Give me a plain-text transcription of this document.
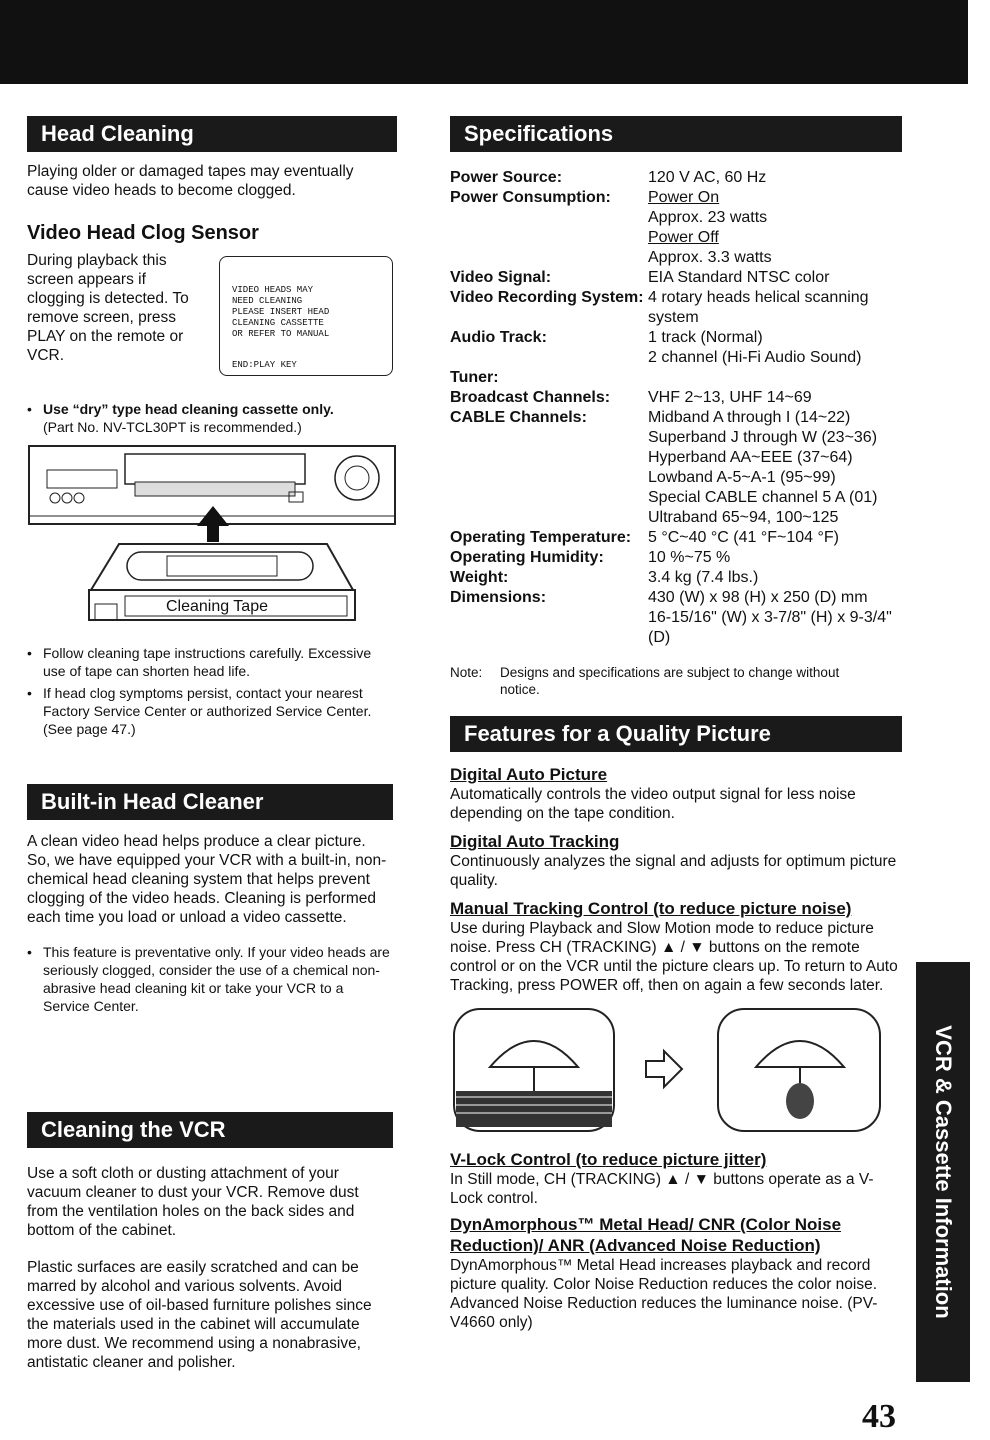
Head Cleaning

Playing older or damaged tapes may eventually cause video heads to become clogged.

Video Head Clog Sensor

During playback this screen appears if clogging is detected. To remove screen, press PLAY on the remote or VCR.

VIDEO HEADS MAY
NEED CLEANING
PLEASE INSERT HEAD
CLEANING CASSETTE
OR REFER TO MANUAL
END:PLAY KEY
• Use “dry” type head cleaning cassette only.
(Part No. NV-TCL30PT is recommended.)
Cleaning Tape
• Follow cleaning tape instructions carefully. Excessive use of tape can shorten head life.
• If head clog symptoms persist, contact your nearest Factory Service Center or authorized Service Center. (See page 47.)
Built-in Head Cleaner

A clean video head helps produce a clear picture.

So, we have equipped your VCR with a built-in, non-chemical head cleaning system that helps prevent clogging of the video heads. Cleaning is performed each time you load or unload a video cassette.

• This feature is preventative only. If your video heads are seriously clogged, consider the use of a chemical non-abrasive head cleaning kit or take your VCR to a Service Center.
Cleaning the VCR

Use a soft cloth or dusting attachment of your vacuum cleaner to dust your VCR. Remove dust from the ventilation holes on the back sides and bottom of the cabinet.

Plastic surfaces are easily scratched and can be marred by alcohol and various solvents. Avoid excessive use of oil-based furniture polishes since the materials used in the cabinet will accumulate more dust. We recommend using a nonabrasive, antistatic cleaner and polisher.

Specifications
Power Source:	120 V AC, 60 Hz
Power Consumption:	Power On
Approx. 23 watts
Power Off
Approx. 3.3 watts
Video Signal:	EIA Standard NTSC color
Video Recording System: 4 rotary heads helical scanning system
Audio Track:	1 track (Normal)
2 channel (Hi-Fi Audio Sound)
Tuner:
Broadcast Channels:	VHF 2~13, UHF 14~69
CABLE Channels:	Midband A through I (14~22)
Superband J through W (23~36)
Hyperband AA~EEE (37~64)
Lowband A-5~A-1 (95~99)
Special CABLE channel 5 A (01)
Ultraband 65~94, 100~125
Operating Temperature:	5 °C~40 °C (41 °F~104 °F)
Operating Humidity:	10 %~75 %
Weight:	3.4 kg (7.4 lbs.)
Dimensions:	430 (W) x 98 (H) x 250 (D) mm
16-15/16" (W) x 3-7/8" (H) x 9-3/4" (D)
Note:	Designs and specifications are subject to change without notice.
Features for a Quality Picture

Digital Auto Picture

Automatically controls the video output signal for less noise depending on the tape condition.

Digital Auto Tracking

Continuously analyzes the signal and adjusts for optimum picture quality.

Manual Tracking Control (to reduce picture noise)

Use during Playback and Slow Motion mode to reduce picture noise. Press CH (TRACKING) ▲ / ▼ buttons on the remote control or on the VCR until the picture clears up. To return to Auto Tracking, press POWER off, then on again a few seconds later.

V-Lock Control (to reduce picture jitter)

In Still mode, CH (TRACKING) ▲ / ▼ buttons operate as a V-Lock control.

DynAmorphous™ Metal Head/ CNR (Color Noise Reduction)/ ANR (Advanced Noise Reduction)

DynAmorphous™ Metal Head increases playback and record picture quality. Color Noise Reduction reduces the color noise. Advanced Noise Reduction reduces the luminance noise. (PV-V4660 only)

VCR & Cassette Information
43
